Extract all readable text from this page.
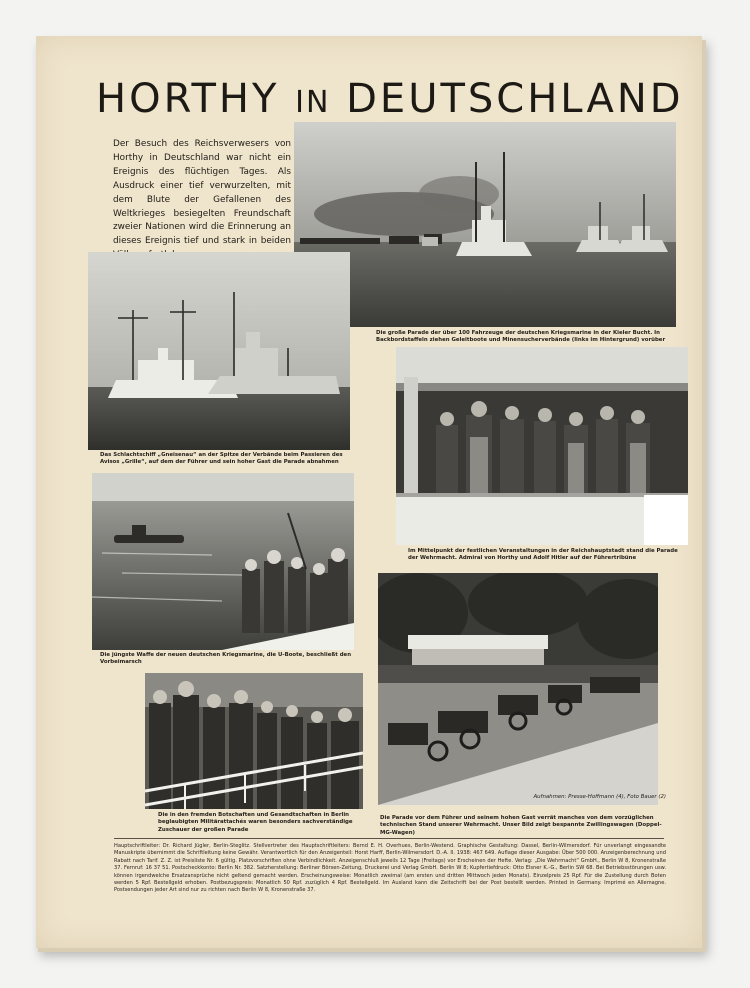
HORTHY IN DEUTSCHLAND

Der Besuch des Reichsverwesers von Horthy in Deutschland war nicht ein Ereignis des flüchtigen Tages. Als Ausdruck einer tief verwurzelten, mit dem Blute der Gefallenen des Weltkrieges besiegelten Freundschaft zweier Nationen wird die Erinnerung an dieses Ereignis tief und stark in beiden

Die große Parade der über 100 Fahrzeuge der deutschen Kriegsmarine in der Kieler Bucht. In Backbordstaffeln ziehen Geleitboote und Minensucherverbände (links im Hintergrund) vorüber

Das Schlachtschiff „Gneisenau“ an der Spitze der Verbände beim Passieren des Avisos „Grille“, auf dem der Führer und sein hoher Gast die Parade abnahmen

Im Mittelpunkt der festlichen Veranstaltungen in der Reichshauptstadt stand die Parade der Wehrmacht. Admiral von Horthy und Adolf Hitler auf der Führertribüne

Die jüngste Waffe der neuen deutschen Kriegsmarine, die U-Boote, beschließt den Vorbeimarsch

Die in den fremden Botschaften und Gesandtschaften in Berlin beglaubigten Militärattachés waren besonders sachverständige Zuschauer der großen Parade

Die Parade vor dem Führer und seinem hohen Gast verrät manches von dem vorzüglichen technischen Stand unserer Wehrmacht. Unser Bild zeigt bespannte Zwillingswagen (Doppel-MG-Wagen)

Aufnahmen: Presse-Hoffmann (4), Foto Bauer (2)

Hauptschriftleiter: Dr. Richard Jügler, Berlin-Steglitz. Stellvertreter des Hauptschriftleiters: Bernd E. H. Overhues, Berlin-Westend. Graphische Gestaltung: Dassel, Berlin-Wilmersdorf. Für unverlangt eingesandte Manuskripte übernimmt die Schriftleitung keine Gewähr. Verantwortlich für den Anzeigenteil: Horst Harff, Berlin-Wilmersdorf. D.-A. II. 1938: 467 649. Auflage dieser Ausgabe: Über 500 000. Anzeigenberechnung und Rabatt nach Tarif. Z. Z. ist Preisliste Nr. 6 gültig. Platzvorschriften ohne Verbindlichkeit. Anzeigenschluß jeweils 12 Tage (Freitags) vor Erscheinen der Hefte. Verlag: „Die Wehrmacht“ GmbH., Berlin W 8, Kronenstraße 37. Fernruf: 16 37 51. Postscheckkonto: Berlin Nr. 382. Satzherstellung: Berliner Börsen-Zeitung, Druckerei und Verlag GmbH. Berlin W 8; Kupfertiefdruck: Otto Elsner K.-G., Berlin SW 68. Bei Betriebsstörungen usw. können irgendwelche Ersatzansprüche nicht geltend gemacht werden. Erscheinungsweise: Monatlich zweimal (am ersten und dritten Mittwoch jeden Monats). Einzelpreis 25 Rpf. Für die Zustellung durch Boten werden 5 Rpf. Bestellgeld erhoben. Postbezugspreis: Monatlich 50 Rpf. zuzüglich 4 Rpf. Bestellgeld. Im Ausland kann die Zeitschrift bei der Post bestellt werden. Printed in Germany. Imprimé en Allemagne. Postsendungen jeder Art sind nur zu richten nach Berlin W 8, Kronenstraße 37.
